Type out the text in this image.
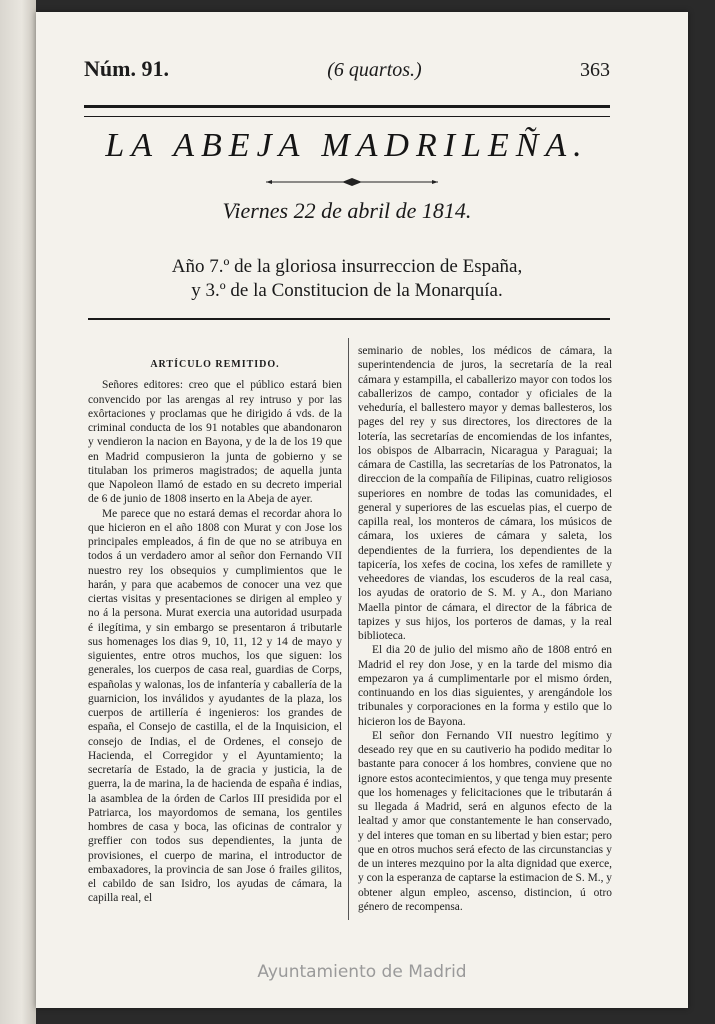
Núm. 91.	(6 quartos.)	363
LA ABEJA MADRILEÑA.
Viernes 22 de abril de 1814.
Año 7.º de la gloriosa insurreccion de España,
y 3.º de la Constitucion de la Monarquía.

ARTÍCULO REMITIDO.

Señores editores: creo que el público estará bien convencido por las arengas al rey intruso y por las exôrtaciones y proclamas que he dirigido á vds. de la criminal conducta de los 91 notables que abandonaron y vendieron la nacion en Bayona, y de la de los 19 que en Madrid compusieron la junta de gobierno y se titulaban los primeros magistrados; de aquella junta que Napoleon llamó de estado en su decreto imperial de 6 de junio de 1808 inserto en la Abeja de ayer.

Me parece que no estará demas el recordar ahora lo que hicieron en el año 1808 con Murat y con Jose los principales empleados, á fin de que no se atribuya en todos á un verdadero amor al señor don Fernando VII nuestro rey los obsequios y cumplimientos que le harán, y para que acabemos de conocer una vez que ciertas visitas y presentaciones se dirigen al empleo y no á la persona. Murat exercia una autoridad usurpada é ilegítima, y sin embargo se presentaron á tributarle sus homenages los dias 9, 10, 11, 12 y 14 de mayo y siguientes, entre otros muchos, los que siguen: los generales, los cuerpos de casa real, guardias de Corps, españolas y walonas, los de infantería y caballería de la guarnicion, los inválidos y ayudantes de la plaza, los cuerpos de artillería é ingenieros: los grandes de españa, el Consejo de castilla, el de la Inquisicion, el consejo de Indias, el de Ordenes, el consejo de Hacienda, el Corregidor y el Ayuntamiento; la secretaría de Estado, la de gracia y justicia, la de guerra, la de marina, la de hacienda de españa é indias, la asamblea de la órden de Carlos III presidida por el Patriarca, los mayordomos de semana, los gentiles hombres de casa y boca, las oficinas de contralor y greffier con todos sus dependientes, la junta de provisiones, el cuerpo de marina, el introductor de embaxadores, la provincia de san Jose ó frailes gilitos, el cabildo de san Isidro, los ayudas de cámara, la capilla real, el

seminario de nobles, los médicos de cámara, la superintendencia de juros, la secretaría de la real cámara y estampilla, el caballerizo mayor con todos los caballerizos de campo, contador y oficiales de la veheduría, el ballestero mayor y demas ballesteros, los pages del rey y sus directores, los directores de la lotería, las secretarías de encomiendas de los infantes, los obispos de Albarracin, Nicaragua y Paraguai; la cámara de Castilla, las secretarías de los Patronatos, la direccion de la compañía de Filipinas, cuatro religiosos superiores en nombre de todas las comunidades, el general y superiores de las escuelas pias, el cuerpo de capilla real, los monteros de cámara, los músicos de cámara, los uxieres de cámara y saleta, los dependientes de la furriera, los dependientes de la tapicería, los xefes de cocina, los xefes de ramillete y veheedores de viandas, los escuderos de la real casa, los ayudas de oratorio de S. M. y A., don Mariano Maella pintor de cámara, el director de la fábrica de tapizes y sus hijos, los porteros de damas, y la real biblioteca.

El dia 20 de julio del mismo año de 1808 entró en Madrid el rey don Jose, y en la tarde del mismo dia empezaron ya á cumplimentarle por el mismo órden, continuando en los dias siguientes, y arengándole los tribunales y corporaciones en la forma y estilo que lo hicieron los de Bayona.

El señor don Fernando VII nuestro legítimo y deseado rey que en su cautiverio ha podido meditar lo bastante para conocer á los hombres, conviene que no ignore estos acontecimientos, y que tenga muy presente que los homenages y felicitaciones que le tributarán á su llegada á Madrid, será en algunos efecto de la lealtad y amor que constantemente le han conservado, y del interes que toman en su libertad y bien estar; pero que en otros muchos será efecto de las circunstancias y de un interes mezquino por la alta dignidad que exerce, y con la esperanza de captarse la estimacion de S. M., y obtener algun empleo, ascenso, distincion, ú otro género de recompensa.

Ayuntamiento de Madrid
